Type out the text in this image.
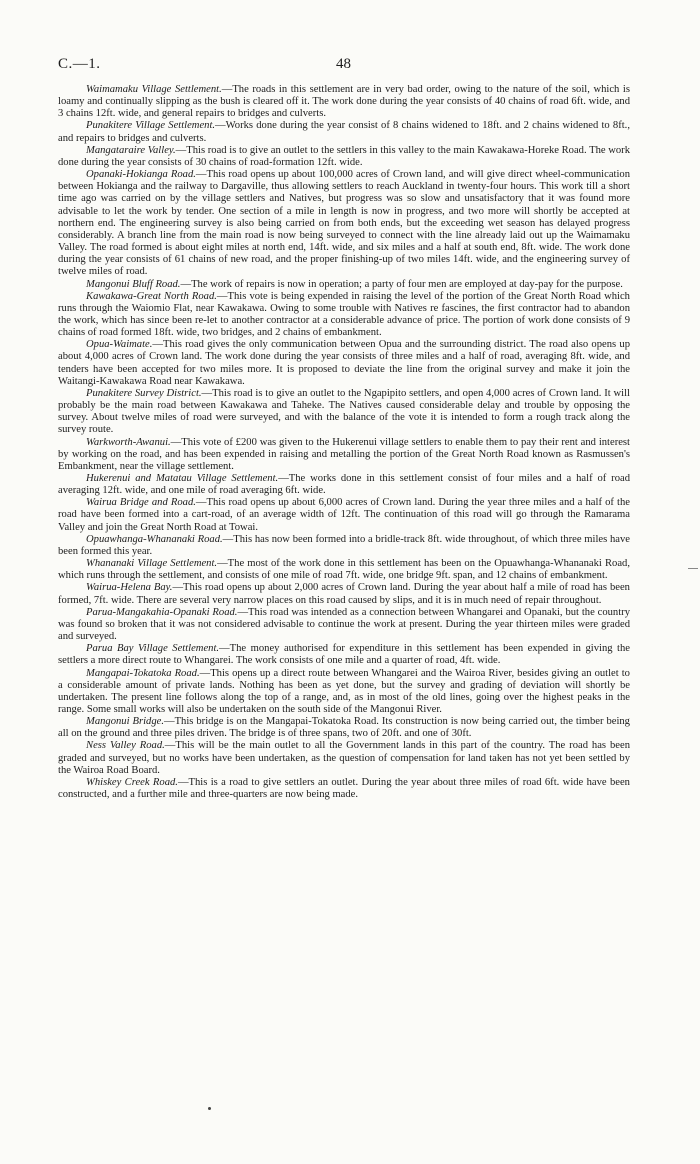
C.—1.	48

Waimamaku Village Settlement.—The roads in this settlement are in very bad order, owing to the nature of the soil, which is loamy and continually slipping as the bush is cleared off it. The work done during the year consists of 40 chains of road 6ft. wide, and 3 chains 12ft. wide, and general repairs to bridges and culverts.

Punakitere Village Settlement.—Works done during the year consist of 8 chains widened to 18ft. and 2 chains widened to 8ft., and repairs to bridges and culverts.

Mangataraire Valley.—This road is to give an outlet to the settlers in this valley to the main Kawakawa-Horeke Road. The work done during the year consists of 30 chains of road-formation 12ft. wide.

Opanaki-Hokianga Road.—This road opens up about 100,000 acres of Crown land, and will give direct wheel-communication between Hokianga and the railway to Dargaville, thus allowing settlers to reach Auckland in twenty-four hours. This work till a short time ago was carried on by the village settlers and Natives, but progress was so slow and unsatisfactory that it was found more advisable to let the work by tender. One section of a mile in length is now in progress, and two more will shortly be accepted at northern end. The engineering survey is also being carried on from both ends, but the exceeding wet season has delayed progress considerably. A branch line from the main road is now being surveyed to connect with the line already laid out up the Waimamaku Valley. The road formed is about eight miles at north end, 14ft. wide, and six miles and a half at south end, 8ft. wide. The work done during the year consists of 61 chains of new road, and the proper finishing-up of two miles 14ft. wide, and the engineering survey of twelve miles of road.

Mangonui Bluff Road.—The work of repairs is now in operation; a party of four men are employed at day-pay for the purpose.

Kawakawa-Great North Road.—This vote is being expended in raising the level of the portion of the Great North Road which runs through the Waiomio Flat, near Kawakawa. Owing to some trouble with Natives re fascines, the first contractor had to abandon the work, which has since been re-let to another contractor at a considerable advance of price. The portion of work done consists of 9 chains of road formed 18ft. wide, two bridges, and 2 chains of embankment.

Opua-Waimate.—This road gives the only communication between Opua and the surrounding district. The road also opens up about 4,000 acres of Crown land. The work done during the year consists of three miles and a half of road, averaging 8ft. wide, and tenders have been accepted for two miles more. It is proposed to deviate the line from the original survey and make it join the Waitangi-Kawakawa Road near Kawakawa.

Punakitere Survey District.—This road is to give an outlet to the Ngapipito settlers, and open 4,000 acres of Crown land. It will probably be the main road between Kawakawa and Taheke. The Natives caused considerable delay and trouble by opposing the survey. About twelve miles of road were surveyed, and with the balance of the vote it is intended to form a rough track along the survey route.

Warkworth-Awanui.—This vote of £200 was given to the Hukerenui village settlers to enable them to pay their rent and interest by working on the road, and has been expended in raising and metalling the portion of the Great North Road known as Rasmussen's Embankment, near the village settlement.

Hukerenui and Matatau Village Settlement.—The works done in this settlement consist of four miles and a half of road averaging 12ft. wide, and one mile of road averaging 6ft. wide.

Wairua Bridge and Road.—This road opens up about 6,000 acres of Crown land. During the year three miles and a half of the road have been formed into a cart-road, of an average width of 12ft. The continuation of this road will go through the Ramarama Valley and join the Great North Road at Towai.

Opuawhanga-Whananaki Road.—This has now been formed into a bridle-track 8ft. wide throughout, of which three miles have been formed this year.

Whananaki Village Settlement.—The most of the work done in this settlement has been on the Opuawhanga-Whananaki Road, which runs through the settlement, and consists of one mile of road 7ft. wide, one bridge 9ft. span, and 12 chains of embankment.

Wairua-Helena Bay.—This road opens up about 2,000 acres of Crown land. During the year about half a mile of road has been formed, 7ft. wide. There are several very narrow places on this road caused by slips, and it is in much need of repair throughout.

Parua-Mangakahia-Opanaki Road.—This road was intended as a connection between Whangarei and Opanaki, but the country was found so broken that it was not considered advisable to continue the work at present. During the year thirteen miles were graded and surveyed.

Parua Bay Village Settlement.—The money authorised for expenditure in this settlement has been expended in giving the settlers a more direct route to Whangarei. The work consists of one mile and a quarter of road, 4ft. wide.

Mangapai-Tokatoka Road.—This opens up a direct route between Whangarei and the Wairoa River, besides giving an outlet to a considerable amount of private lands. Nothing has been as yet done, but the survey and grading of deviation will shortly be undertaken. The present line follows along the top of a range, and, as in most of the old lines, going over the highest peaks in the range. Some small works will also be undertaken on the south side of the Mangonui River.

Mangonui Bridge.—This bridge is on the Mangapai-Tokatoka Road. Its construction is now being carried out, the timber being all on the ground and three piles driven. The bridge is of three spans, two of 20ft. and one of 30ft.

Ness Valley Road.—This will be the main outlet to all the Government lands in this part of the country. The road has been graded and surveyed, but no works have been undertaken, as the question of compensation for land taken has not yet been settled by the Wairoa Road Board.

Whiskey Creek Road.—This is a road to give settlers an outlet. During the year about three miles of road 6ft. wide have been constructed, and a further mile and three-quarters are now being made.
